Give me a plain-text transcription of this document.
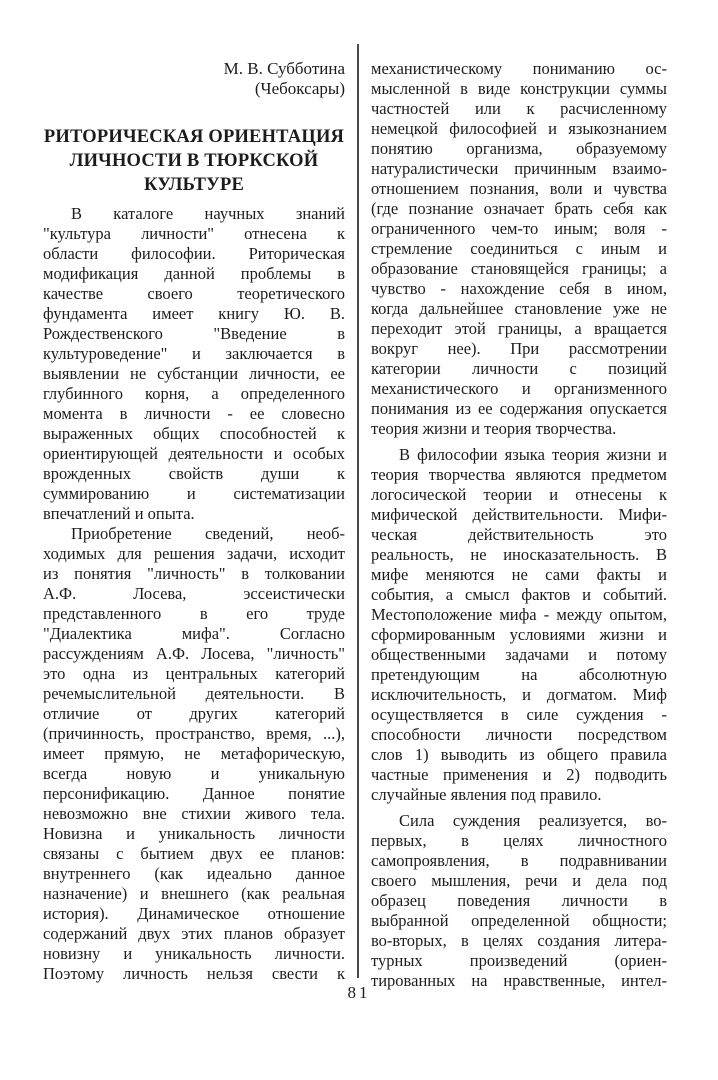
М. В. Субботина
(Чебоксары)
РИТОРИЧЕСКАЯ ОРИЕНТАЦИЯ
ЛИЧНОСТИ В ТЮРКСКОЙ
КУЛЬТУРЕ
В каталоге научных знаний
"культура личности" отнесена к
области философии. Риторическая
модификация данной проблемы в
качестве своего теоретического
фундамента имеет книгу Ю. В.
Рождественского "Введение в
культуроведение" и заключается в
выявлении не субстанции личности, ее
глубинного корня, а определенного
момента в личности - ее словесно
выраженных общих способностей к
ориентирующей деятельности и особых
врожденных свойств души к
суммированию и систематизации
впечатлений и опыта.
Приобретение сведений, необ-
ходимых для решения задачи, исходит
из понятия "личность" в толковании
А.Ф. Лосева, эссеистически
представленного в его труде
"Диалектика мифа". Согласно
рассуждениям А.Ф. Лосева, "личность"
это одна из центральных категорий
речемыслительной деятельности. В
отличие от других категорий
(причинность, пространство, время, ...),
имеет прямую, не метафорическую,
всегда новую и уникальную
персонификацию. Данное понятие
невозможно вне стихии живого тела.
Новизна и уникальность личности
связаны с бытием двух ее планов:
внутреннего (как идеально данное
назначение) и внешнего (как реальная
история). Динамическое отношение
содержаний двух этих планов образует
новизну и уникальность личности.
Поэтому личность нельзя свести к
механистическому пониманию ос-
мысленной в виде конструкции суммы
частностей или к расчисленному
немецкой философией и языкознанием
понятию организма, образуемому
натуралистически причинным взаимо-
отношением познания, воли и чувства
(где познание означает брать себя как
ограниченного чем-то иным; воля -
стремление соединиться с иным и
образование становящейся границы; а
чувство - нахождение себя в ином,
когда дальнейшее становление уже не
переходит этой границы, а вращается
вокруг нее). При рассмотрении
категории личности с позиций
механистического и организменного
понимания из ее содержания опускается
теория жизни и теория творчества.
В философии языка теория жизни и
теория творчества являются предметом
логосической теории и отнесены к
мифической действительности. Мифи-
ческая действительность это
реальность, не иносказательность. В
мифе меняются не сами факты и
события, а смысл фактов и событий.
Местоположение мифа - между опытом,
сформированным условиями жизни и
общественными задачами и потому
претендующим на абсолютную
исключительность, и догматом. Миф
осуществляется в силе суждения -
способности личности посредством
слов 1) выводить из общего правила
частные применения и 2) подводить
случайные явления под правило.
Сила суждения реализуется, во-
первых, в целях личностного
самопроявления, в подравнивании
своего мышления, речи и дела под
образец поведения личности в
выбранной определенной общности;
во-вторых, в целях создания литера-
турных произведений (ориен-
тированных на нравственные, интел-
81
